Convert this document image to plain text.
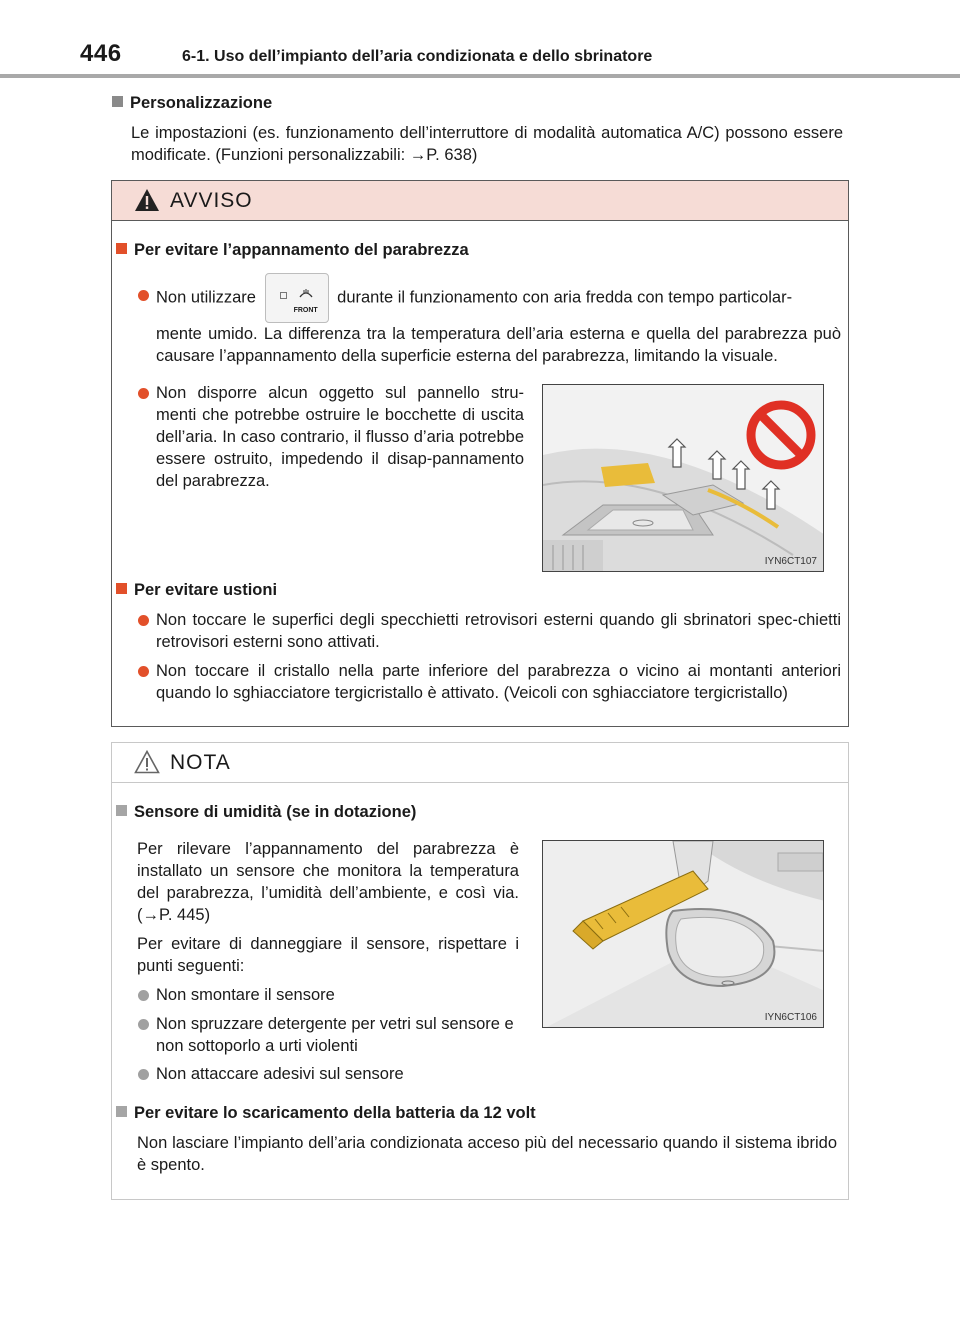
446	6-1. Uso dell’impianto dell’aria condizionata e dello sbrinatore
Personalizzazione
Le impostazioni (es. funzionamento dell’interruttore di modalità automatica A/C) possono essere modificate. (Funzioni personalizzabili: →P. 638)
AVVISO
Per evitare l’appannamento del parabrezza
Non utilizzare
FRONT
durante il funzionamento con aria fredda con tempo particolar-
mente umido. La differenza tra la temperatura dell’aria esterna e quella del parabrezza può causare l’appannamento della superficie esterna del parabrezza, limitando la visuale.
Non disporre alcun oggetto sul pannello stru-menti che potrebbe ostruire le bocchette di uscita dell’aria. In caso contrario, il flusso d’aria potrebbe essere ostruito, impedendo il disap-pannamento del parabrezza.
IYN6CT107
Per evitare ustioni
Non toccare le superfici degli specchietti retrovisori esterni quando gli sbrinatori spec-chietti retrovisori esterni sono attivati.
Non toccare il cristallo nella parte inferiore del parabrezza o vicino ai montanti anteriori quando lo sghiacciatore tergicristallo è attivato. (Veicoli con sghiacciatore tergicristallo)
NOTA
Sensore di umidità (se in dotazione)
Per rilevare l’appannamento del parabrezza è installato un sensore che monitora la temperatura del parabrezza, l’umidità dell’ambiente, e così via. (→P. 445)
Per evitare di danneggiare il sensore, rispettare i punti seguenti:
Non smontare il sensore
Non spruzzare detergente per vetri sul sensore e non sottoporlo a urti violenti
Non attaccare adesivi sul sensore
IYN6CT106
Per evitare lo scaricamento della batteria da 12 volt
Non lasciare l’impianto dell’aria condizionata acceso più del necessario quando il sistema ibrido è spento.
